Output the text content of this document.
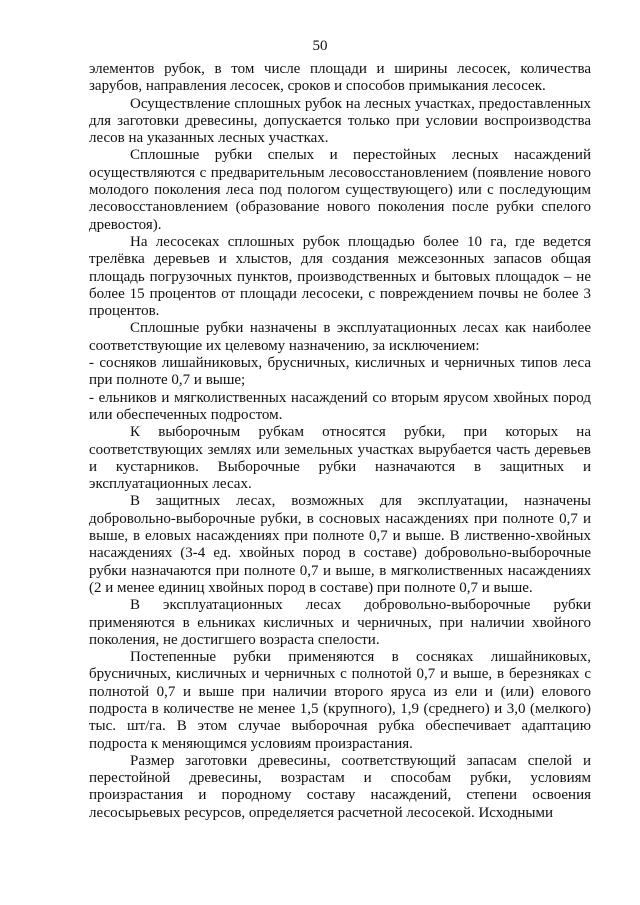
50

элементов рубок, в том числе площади и ширины лесосек, количества зарубов, направления лесосек, сроков и способов примыкания лесосек.

Осуществление сплошных рубок на лесных участках, предоставленных для заготовки древесины, допускается только при условии воспроизводства лесов на указанных лесных участках.

Сплошные рубки спелых и перестойных лесных насаждений осуществляются с предварительным лесовосстановлением (появление нового молодого поколения леса под пологом существующего) или с последующим лесовосстановлением (образование нового поколения после рубки спелого древостоя).

На лесосеках сплошных рубок площадью более 10 га, где ведется трелёвка деревьев и хлыстов, для создания межсезонных запасов общая площадь погрузочных пунктов, производственных и бытовых площадок – не более 15 процентов от площади лесосеки, с повреждением почвы не более 3 процентов.

Сплошные рубки назначены в эксплуатационных лесах как наиболее соответствующие их целевому назначению, за исключением:

- сосняков лишайниковых, брусничных, кисличных и черничных типов леса при полноте 0,7 и выше;

- ельников и мягколиственных насаждений со вторым ярусом хвойных пород или обеспеченных подростом.

К выборочным рубкам относятся рубки, при которых на соответствующих землях или земельных участках вырубается часть деревьев и кустарников. Выборочные рубки назначаются в защитных и эксплуатационных лесах.

В защитных лесах, возможных для эксплуатации, назначены добровольно-выборочные рубки, в сосновых насаждениях при полноте 0,7 и выше, в еловых насаждениях при полноте 0,7 и выше. В лиственно-хвойных насаждениях (3-4 ед. хвойных пород в составе) добровольно-выборочные рубки назначаются при полноте 0,7 и выше, в мягколиственных насаждениях (2 и менее единиц хвойных пород в составе) при полноте 0,7 и выше.

В эксплуатационных лесах добровольно-выборочные рубки применяются в ельниках кисличных и черничных, при наличии хвойного поколения, не достигшего возраста спелости.

Постепенные рубки применяются в сосняках лишайниковых, брусничных, кисличных и черничных с полнотой 0,7 и выше, в березняках с полнотой 0,7 и выше при наличии второго яруса из ели и (или) елового подроста в количестве не менее 1,5 (крупного), 1,9 (среднего) и 3,0 (мелкого) тыс. шт/га. В этом случае выборочная рубка обеспечивает адаптацию подроста к меняющимся условиям произрастания.

Размер заготовки древесины, соответствующий запасам спелой и перестойной древесины, возрастам и способам рубки, условиям произрастания и породному составу насаждений, степени освоения лесосырьевых ресурсов, определяется расчетной лесосекой. Исходными
